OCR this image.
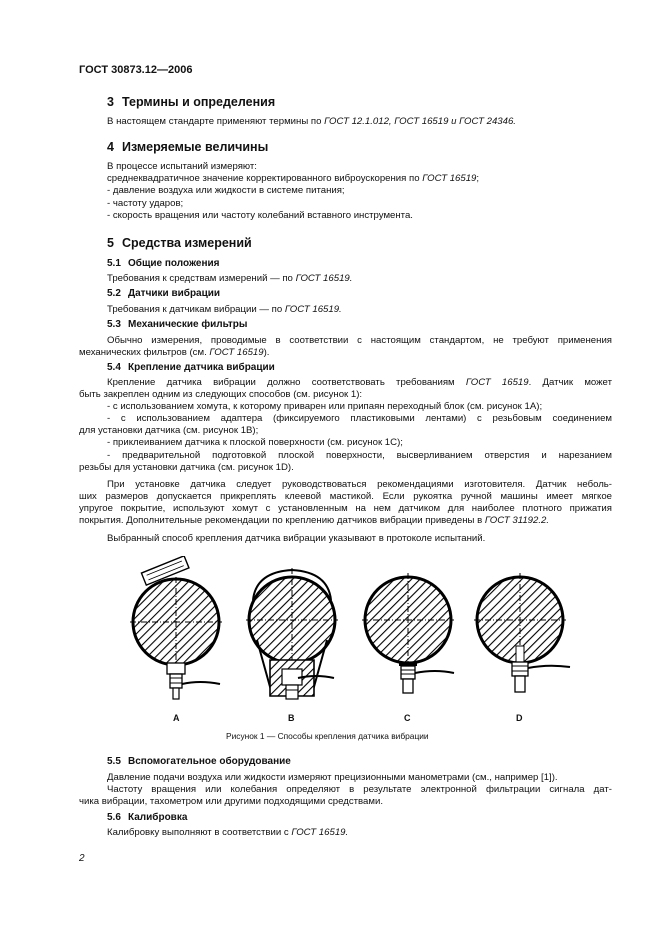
ГОСТ 30873.12—2006
3 Термины и определения
В настоящем стандарте применяют термины по ГОСТ 12.1.012, ГОСТ 16519 и ГОСТ 24346.
4 Измеряемые величины
В процессе испытаний измеряют:
среднеквадратичное значение корректированного виброускорения по ГОСТ 16519;
- давление воздуха или жидкости в системе питания;
- частоту ударов;
- скорость вращения или частоту колебаний вставного инструмента.
5 Средства измерений
5.1 Общие положения
Требования к средствам измерений — по ГОСТ 16519.
5.2 Датчики вибрации
Требования к датчикам вибрации — по ГОСТ 16519.
5.3 Механические фильтры
Обычно измерения, проводимые в соответствии с настоящим стандартом, не требуют применения
механических фильтров (см. ГОСТ 16519).
5.4 Крепление датчика вибрации
Крепление датчика вибрации должно соответствовать требованиям ГОСТ 16519. Датчик может
быть закреплен одним из следующих способов (см. рисунок 1):
- с использованием хомута, к которому приварен или припаян переходный блок (см. рисунок 1A);
- с использованием адаптера (фиксируемого пластиковыми лентами) с резьбовым соединением
для установки датчика (см. рисунок 1B);
- приклеиванием датчика к плоской поверхности (см. рисунок 1C);
- предварительной подготовкой плоской поверхности, высверливанием отверстия и нарезанием
резьбы для установки датчика (см. рисунок 1D).
При установке датчика следует руководствоваться рекомендациями изготовителя. Датчик неболь-
ших размеров допускается прикреплять клеевой мастикой. Если рукоятка ручной машины имеет мягкое
упругое покрытие, используют хомут с установленным на нем датчиком для наиболее плотного прижатия
покрытия. Дополнительные рекомендации по креплению датчиков вибрации приведены в ГОСТ 31192.2.
Выбранный способ крепления датчика вибрации указывают в протоколе испытаний.
A	B	C	D
Рисунок 1 — Способы крепления датчика вибрации
5.5 Вспомогательное оборудование
Давление подачи воздуха или жидкости измеряют прецизионными манометрами (см., например [1]).
Частоту вращения или колебания определяют в результате электронной фильтрации сигнала дат-
чика вибрации, тахометром или другими подходящими средствами.
5.6 Калибровка
Калибровку выполняют в соответствии с ГОСТ 16519.
2
